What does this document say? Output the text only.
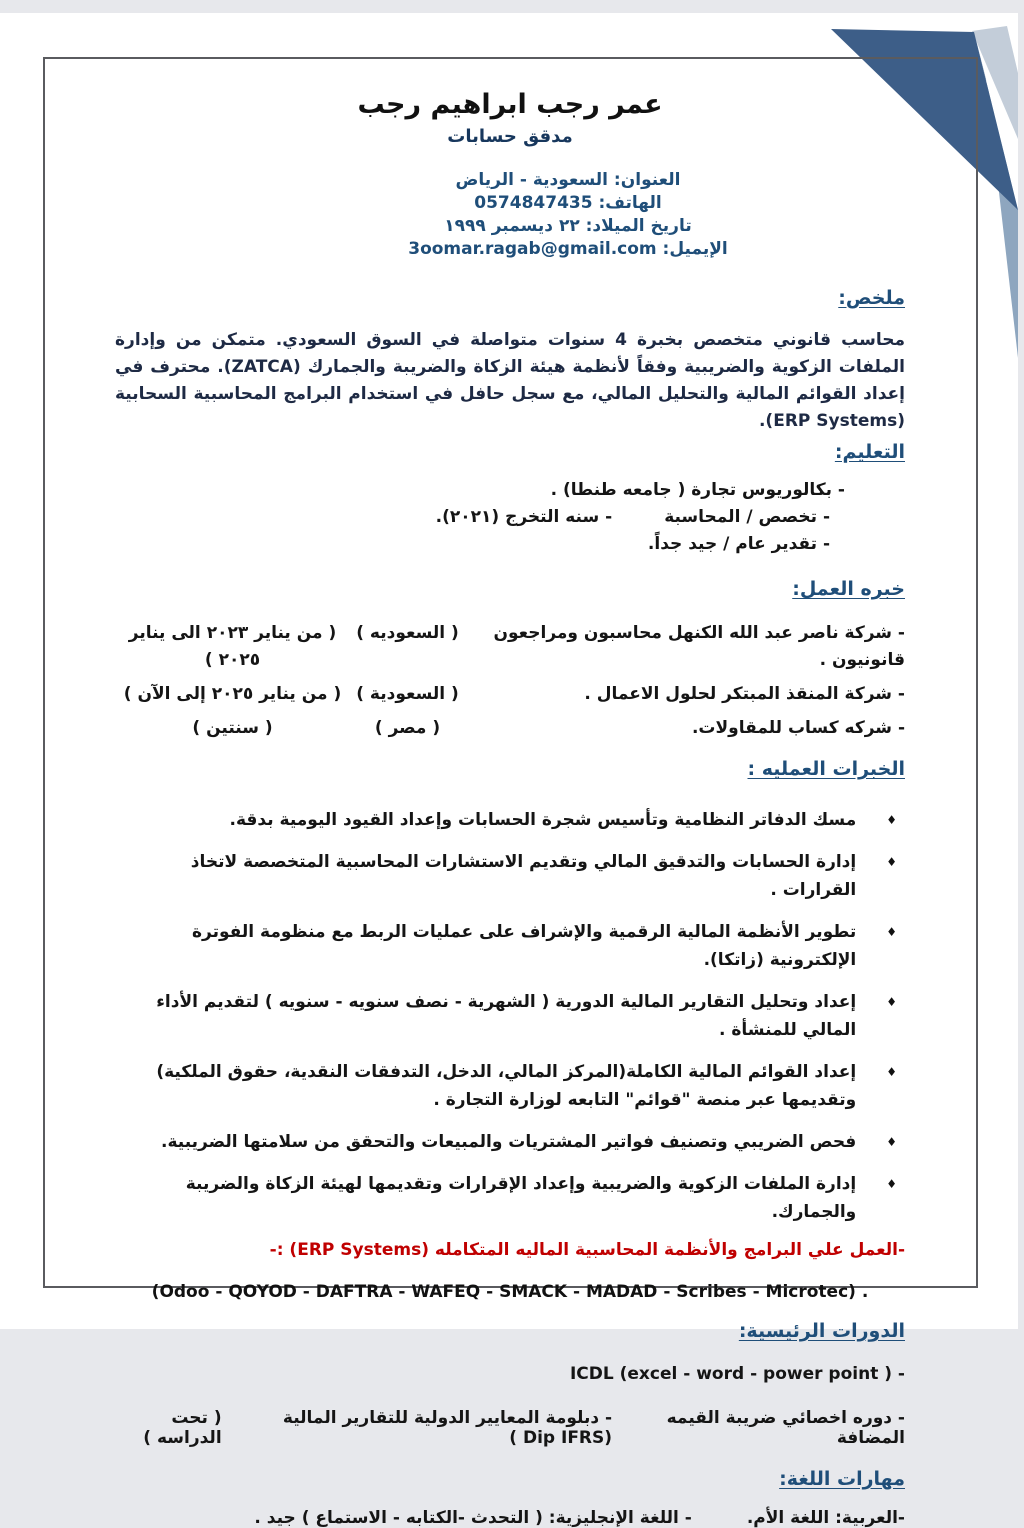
عمر رجب ابراهيم رجب
مدقق حسابات
العنوان: السعودية - الرياض
الهاتف: 0574847435
تاريخ الميلاد: ٢٢ ديسمبر ١٩٩٩
الإيميل: 3oomar.ragab@gmail.com
ملخص:
محاسب قانوني متخصص بخبرة 4 سنوات متواصلة في السوق السعودي. متمكن من وإدارة الملفات الزكوية والضريبية وفقاً لأنظمة هيئة الزكاة والضريبة والجمارك (ZATCA). محترف في إعداد القوائم المالية والتحليل المالي، مع سجل حافل في استخدام البرامج المحاسبية السحابية (ERP Systems).
التعليم:
- بكالوريوس تجارة ( جامعه طنطا) .
- تخصص / المحاسبة
- سنه التخرج (٢٠٢١).
- تقدير عام / جيد جداً.
خبره العمل:
- شركة ناصر عبد الله الكنهل محاسبون ومراجعون قانونيون .
( السعوديه )
( من يناير ٢٠٢٣ الى يناير ٢٠٢٥ )
- شركة المنقذ المبتكر لحلول الاعمال .
( السعودية )
( من يناير ٢٠٢٥ إلى الآن )
- شركه كساب للمقاولات.
( مصر )
( سنتين )
الخبرات العمليه :
♦
مسك الدفاتر النظامية وتأسيس شجرة الحسابات وإعداد القيود اليومية بدقة.
♦
إدارة الحسابات والتدقيق المالي وتقديم الاستشارات المحاسبية المتخصصة لاتخاذ القرارات .
♦
تطوير الأنظمة المالية الرقمية والإشراف على عمليات الربط مع منظومة الفوترة الإلكترونية (زاتكا).
♦
إعداد وتحليل التقارير المالية الدورية ( الشهرية - نصف سنويه - سنويه ) لتقديم الأداء المالي للمنشأة .
♦
إعداد القوائم المالية الكاملة(المركز المالي، الدخل، التدفقات النقدية، حقوق الملكية) وتقديمها عبر منصة "قوائم" التابعه لوزارة التجارة .
♦
فحص الضريبي وتصنيف فواتير المشتريات والمبيعات والتحقق من سلامتها الضريبية.
♦
إدارة الملفات الزكوية والضريبية وإعداد الإقرارات وتقديمها لهيئة الزكاة والضريبة والجمارك.
-العمل علي البرامج والأنظمة المحاسبية الماليه المتكامله (ERP Systems) :-
(Odoo - QOYOD - DAFTRA - WAFEQ - SMACK - MADAD - Scribes - Microtec) .
الدورات الرئيسية:
ICDL (excel - word - power point ) -
- دوره اخصائي ضريبة القيمه المضافة
- دبلومة المعايير الدولية للتقارير المالية (Dip IFRS )
( تحت الدراسه )
مهارات اللغة:
-العربية: اللغة الأم.
- اللغة الإنجليزية: ( التحدث -الكتابه - الاستماع ) جيد .
